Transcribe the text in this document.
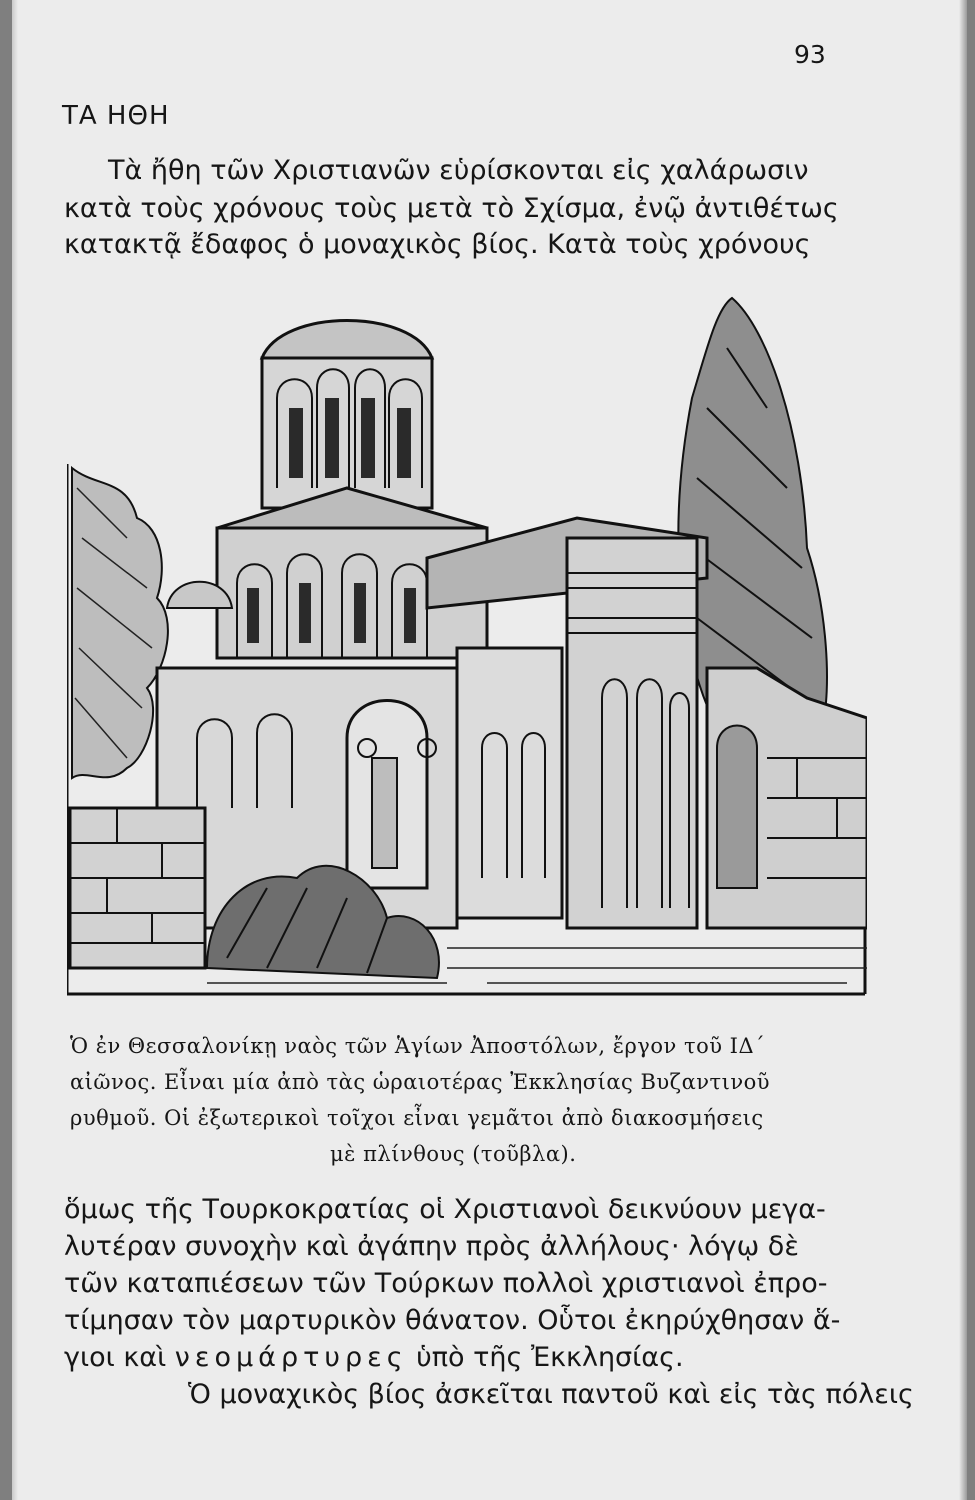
93
ΤΑ ΗΘΗ
Τὰ ἤθη τῶν Χριστιανῶν εὑρίσκονται εἰς χαλάρωσιν
κατὰ τοὺς χρόνους τοὺς μετὰ τὸ Σχίσμα, ἐνῷ ἀντιθέτως
κατακτᾷ ἔδαφος ὁ μοναχικὸς βίος. Κατὰ τοὺς χρόνους
Ὁ ἐν Θεσσαλονίκῃ ναὸς τῶν Ἁγίων Ἀποστόλων, ἔργον τοῦ ΙΔ΄
αἰῶνος. Εἶναι μία ἀπὸ τὰς ὡραιοτέρας Ἐκκλησίας Βυζαντινοῦ
ρυθμοῦ. Οἱ ἐξωτερικοὶ τοῖχοι εἶναι γεμᾶτοι ἀπὸ διακοσμήσεις
μὲ πλίνθους (τοῦβλα).
ὅμως τῆς Τουρκοκρατίας οἱ Χριστιανοὶ δεικνύουν μεγα-
λυτέραν συνοχὴν καὶ ἀγάπην πρὸς ἀλλήλους· λόγῳ δὲ
τῶν καταπιέσεων τῶν Τούρκων πολλοὶ χριστιανοὶ ἐπρο-
τίμησαν τὸν μαρτυρικὸν θάνατον. Οὗτοι ἐκηρύχθησαν ἅ-
γιοι καὶ νεομάρτυρες ὑπὸ τῆς Ἐκκλησίας.
Ὁ μοναχικὸς βίος ἀσκεῖται παντοῦ καὶ εἰς τὰς πόλεις
